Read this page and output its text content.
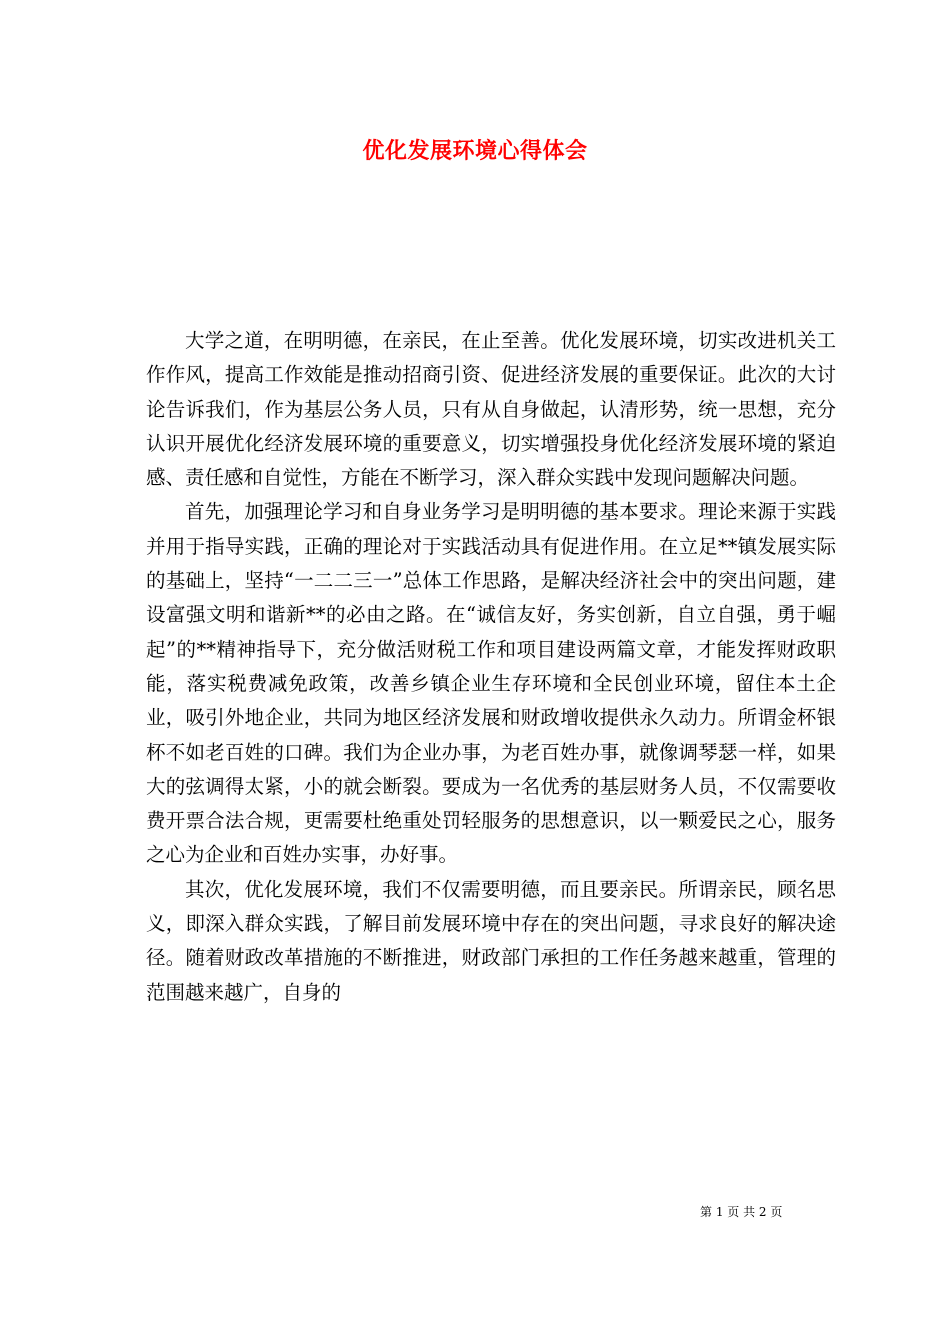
优化发展环境心得体会

大学之道，在明明德，在亲民，在止至善。优化发展环境，切实改进机关工作作风，提高工作效能是推动招商引资、促进经济发展的重要保证。此次的大讨论告诉我们，作为基层公务人员，只有从自身做起，认清形势，统一思想，充分认识开展优化经济发展环境的重要意义，切实增强投身优化经济发展环境的紧迫感、责任感和自觉性，方能在不断学习，深入群众实践中发现问题解决问题。

首先，加强理论学习和自身业务学习是明明德的基本要求。理论来源于实践并用于指导实践，正确的理论对于实践活动具有促进作用。在立足**镇发展实际的基础上，坚持“一二二三一”总体工作思路，是解决经济社会中的突出问题，建设富强文明和谐新**的必由之路。在“诚信友好，务实创新，自立自强，勇于崛起”的**精神指导下，充分做活财税工作和项目建设两篇文章，才能发挥财政职能，落实税费减免政策，改善乡镇企业生存环境和全民创业环境，留住本土企业，吸引外地企业，共同为地区经济发展和财政增收提供永久动力。所谓金杯银杯不如老百姓的口碑。我们为企业办事，为老百姓办事，就像调琴瑟一样，如果大的弦调得太紧，小的就会断裂。要成为一名优秀的基层财务人员，不仅需要收费开票合法合规，更需要杜绝重处罚轻服务的思想意识，以一颗爱民之心，服务之心为企业和百姓办实事，办好事。

其次，优化发展环境，我们不仅需要明德，而且要亲民。所谓亲民，顾名思义，即深入群众实践，了解目前发展环境中存在的突出问题，寻求良好的解决途径。随着财政改革措施的不断推进，财政部门承担的工作任务越来越重，管理的范围越来越广，自身的

第 1 页 共 2 页
